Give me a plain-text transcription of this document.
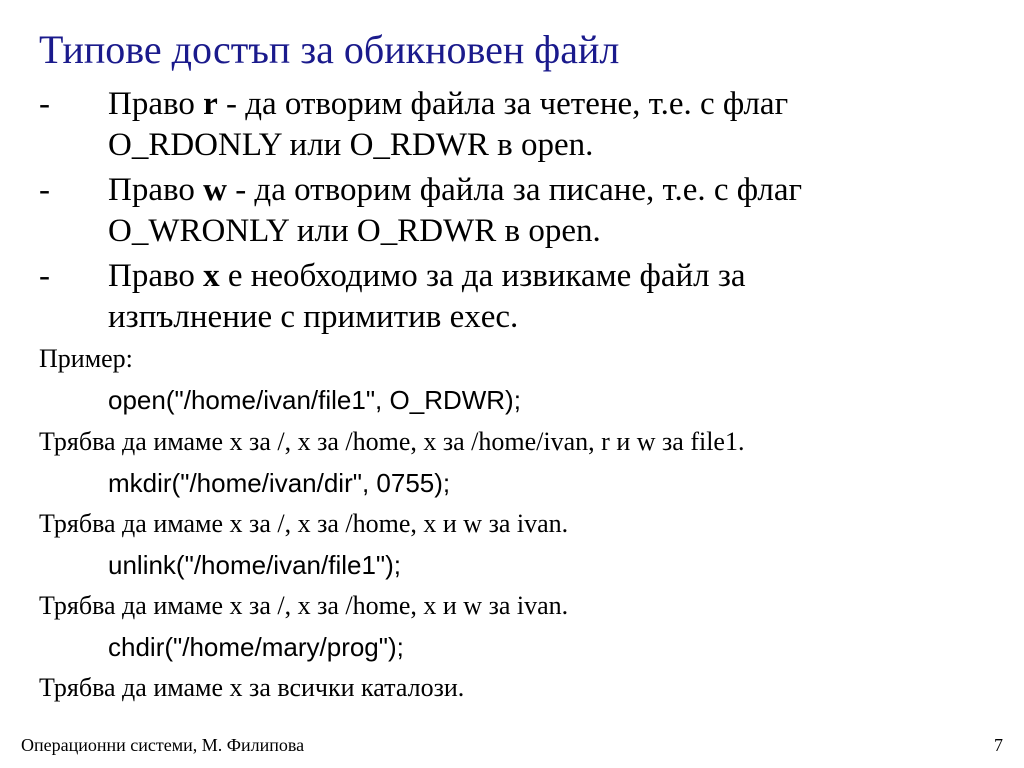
Типове достъп за обикновен файл
- Право r - да отворим файла за четене, т.е. с флаг
O_RDONLY или O_RDWR в open.
- Право w - да отворим файла за писане, т.е. с флаг
O_WRONLY или O_RDWR в open.
- Право x е необходимо за да извикаме файл за
изпълнение с примитив exec.
Пример:
open("/home/ivan/file1", O_RDWR);
Трябва да имаме x за /, x за /home, x за /home/ivan, r и w за file1.
mkdir("/home/ivan/dir", 0755);
Трябва да имаме x за /, x за /home, x и w за ivan.
unlink("/home/ivan/file1");
Трябва да имаме x за /, x за /home, x и w за ivan.
chdir("/home/mary/prog");
Трябва да имаме x за всички каталози.
Операционни системи, М. Филипова	7
